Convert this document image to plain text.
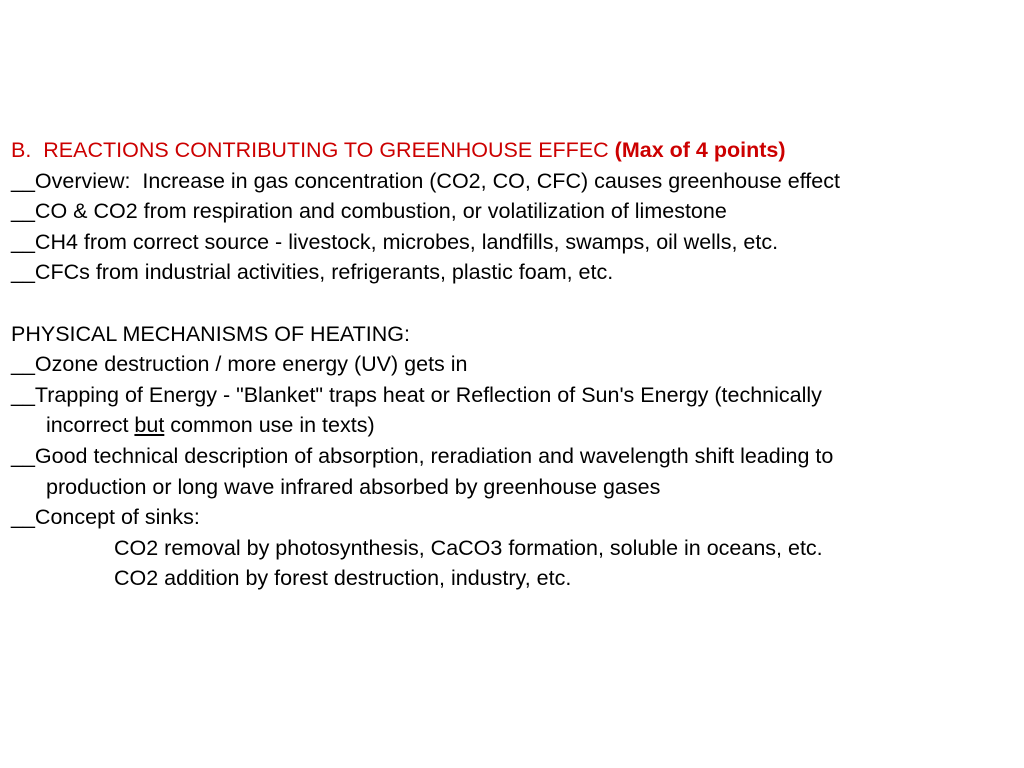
B.  REACTIONS CONTRIBUTING TO GREENHOUSE EFFEC (Max of 4 points)
__Overview:  Increase in gas concentration (CO2, CO, CFC) causes greenhouse effect
__CO & CO2 from respiration and combustion, or volatilization of limestone
__CH4 from correct source - livestock, microbes, landfills, swamps, oil wells, etc.
__CFCs from industrial activities, refrigerants, plastic foam, etc.
PHYSICAL MECHANISMS OF HEATING:
__Ozone destruction / more energy (UV) gets in
__Trapping of Energy - "Blanket" traps heat or Reflection of Sun's Energy (technically
incorrect but common use in texts)
__Good technical description of absorption, reradiation and wavelength shift leading to
production or long wave infrared absorbed by greenhouse gases
__Concept of sinks:
CO2 removal by photosynthesis, CaCO3 formation, soluble in oceans, etc.
CO2 addition by forest destruction, industry, etc.
